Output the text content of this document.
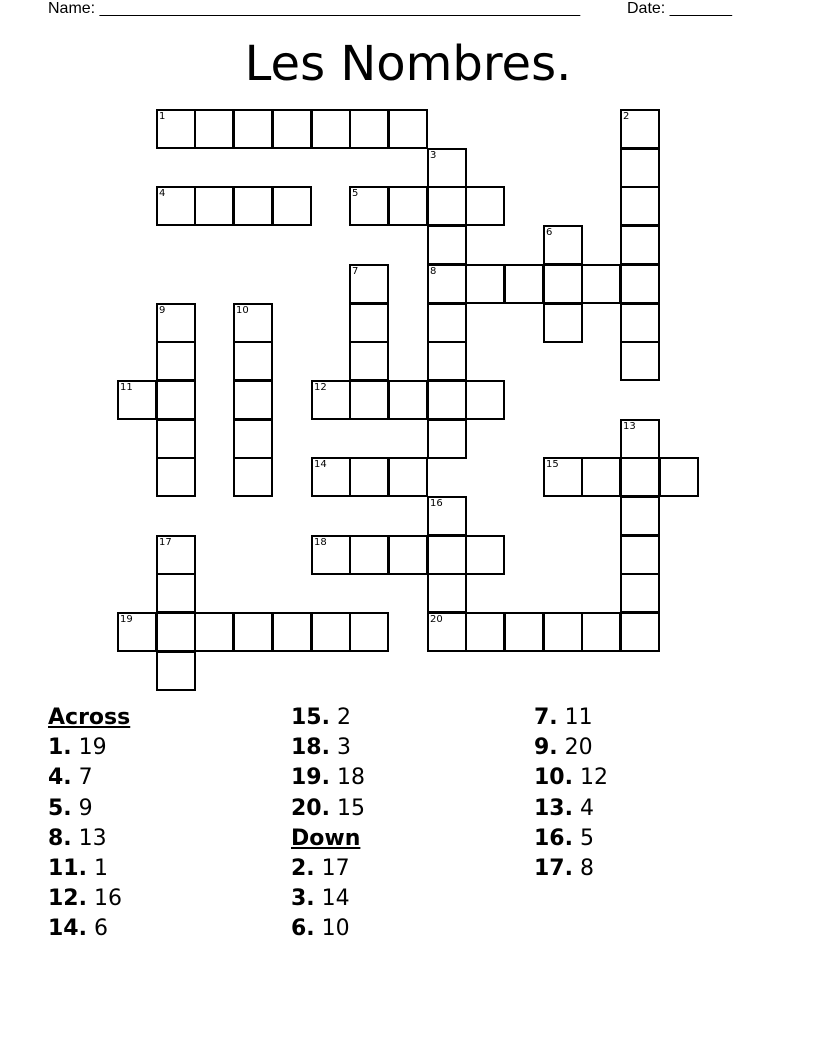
Name: ______________________________________________________	Date: _______
Les Nombres.
1	2
3
8
4	5
6
7
9	10
11	12
13
14	15
16
20
17	18
19
Across
1. 19
4. 7
5. 9
8. 13
11. 1
12. 16
14. 6
15. 2
18. 3
19. 18
20. 15
Down
2. 17
3. 14
6. 10
7. 11
9. 20
10. 12
13. 4
16. 5
17. 8
